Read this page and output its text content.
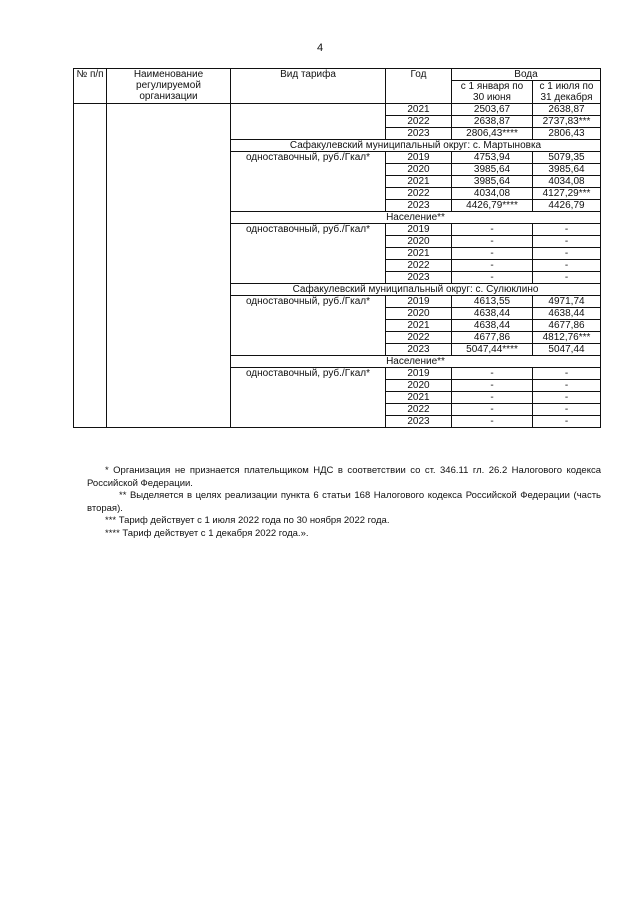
4
№ п/п	Наименование регулируемой организации	Вид тарифа	Год	Вода	
				с 1 января по 30 июня	с 1 июля по 31 декабря
			2021	2503,67	2638,87
			2022	2638,87	2737,83***
			2023	2806,43****	2806,43
		Сафакулевский муниципальный округ: с. Мартыновка			
		одноставочный, руб./Гкал*	2019	4753,94	5079,35
			2020	3985,64	3985,64
			2021	3985,64	4034,08
			2022	4034,08	4127,29***
			2023	4426,79****	4426,79
		Население**			
		одноставочный, руб./Гкал*	2019	-	-
			2020	-	-
			2021	-	-
			2022	-	-
			2023	-	-
		Сафакулевский муниципальный округ: с. Сулюклино			
		одноставочный, руб./Гкал*	2019	4613,55	4971,74
			2020	4638,44	4638,44
			2021	4638,44	4677,86
			2022	4677,86	4812,76***
			2023	5047,44****	5047,44
		Население**			
		одноставочный, руб./Гкал*	2019	-	-
			2020	-	-
			2021	-	-
			2022	-	-
			2023	-	-

* Организация не признается плательщиком НДС в соответствии со ст. 346.11 гл. 26.2 Налогового кодекса Российской Федерации.

** Выделяется в целях реализации пункта 6 статьи 168 Налогового кодекса Российской Федерации (часть вторая).

*** Тариф действует с 1 июля 2022 года по 30 ноября 2022 года.

**** Тариф действует с 1 декабря 2022 года.».
